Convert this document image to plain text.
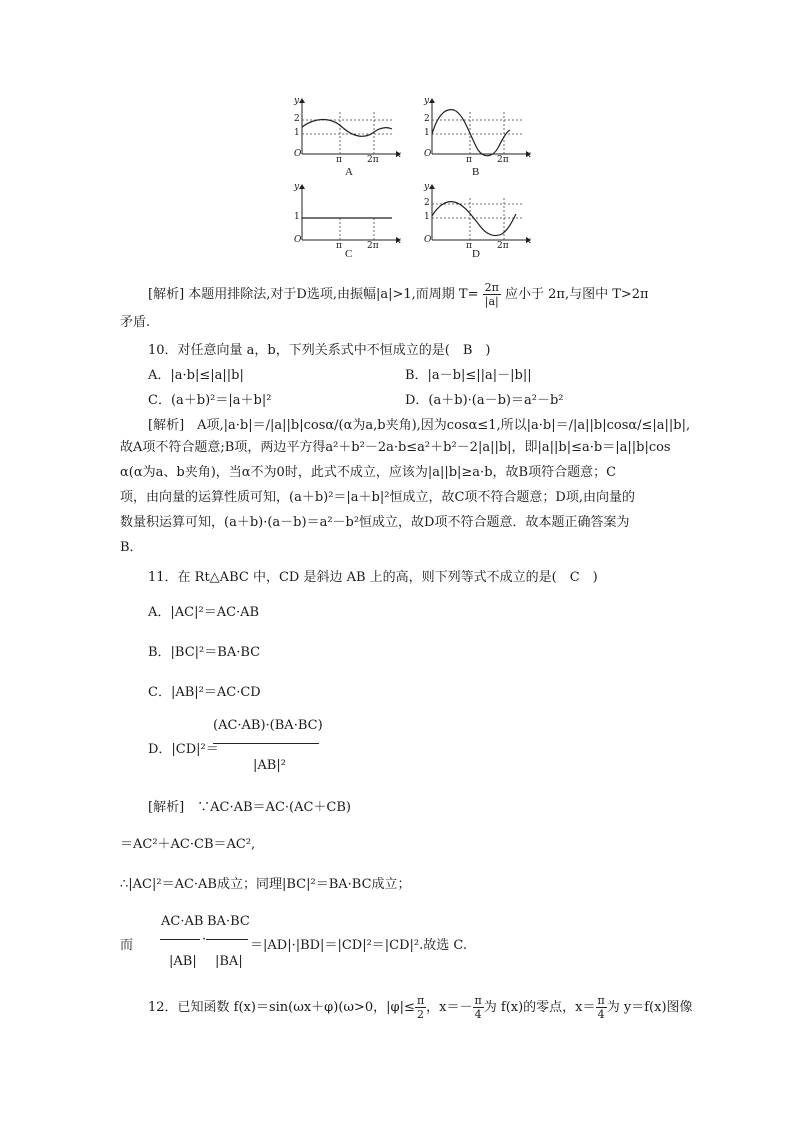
y
x
O
2
1
π	2π
A
y
x
O
2
1
π	2π
B
y
x
O
1
π	2π
C
y
x
O
2
1
π	2π
D
[解析] 本题用排除法,对于D选项,由振幅|a|>1,而周期 $T= \frac{2\pi}{|a|}$ 应小于 2π,与图中 T>2π
矛盾.
10．对任意向量 a，b，下列关系式中不恒成立的是(　B　)
A．|a·b|≤|a||b|	B．|a－b|≤||a|－|b||
C．(a＋b)²＝|a＋b|²	D．(a＋b)·(a－b)＝a²－b²
[解析]　A项,|a·b|＝/|a||b|cosα/(α为a,b夹角),因为cosα≤1,所以|a·b|＝/|a||b|cosα/≤|a||b|,
故A项不符合题意;B项，两边平方得a²＋b²－2a·b≤a²＋b²－2|a||b|，即|a||b|≤a·b＝|a||b|cos
α(α为a、b夹角)，当α不为0时，此式不成立，应该为|a||b|≥a·b，故B项符合题意；C
项，由向量的运算性质可知，(a＋b)²＝|a＋b|²恒成立，故C项不符合题意；D项,由向量的
数量积运算可知，(a＋b)·(a－b)＝a²－b²恒成立，故D项不符合题意．故本题正确答案为
B．
11．在 Rt△ABC 中，CD 是斜边 AB 上的高，则下列等式不成立的是(　C　)
A．|AC|²＝AC·AB
B．|BC|²＝BA·BC
C．|AB|²＝AC·CD
D．|CD|²＝
(AC·AB)·(BA·BC)
|AB|²
[解析]　∵AC·AB＝AC·(AC＋CB)
＝AC²＋AC·CB＝AC²,
∴|AC|²＝AC·AB成立；同理|BC|²＝BA·BC成立；
而
AC·AB
|AB|
·
BA·BC
|BA|
＝|AD|·|BD|＝|CD|²＝|CD|².故选 C.
12．已知函数 f(x)＝sin(ωx＋φ)(ω>0，$|\varphi|\le \frac{\pi}{2}$ ，$x=- \frac{\pi}{4}$ 为 f(x)的零点，$x= \frac{\pi}{4}$ 为 y＝f(x)图像
